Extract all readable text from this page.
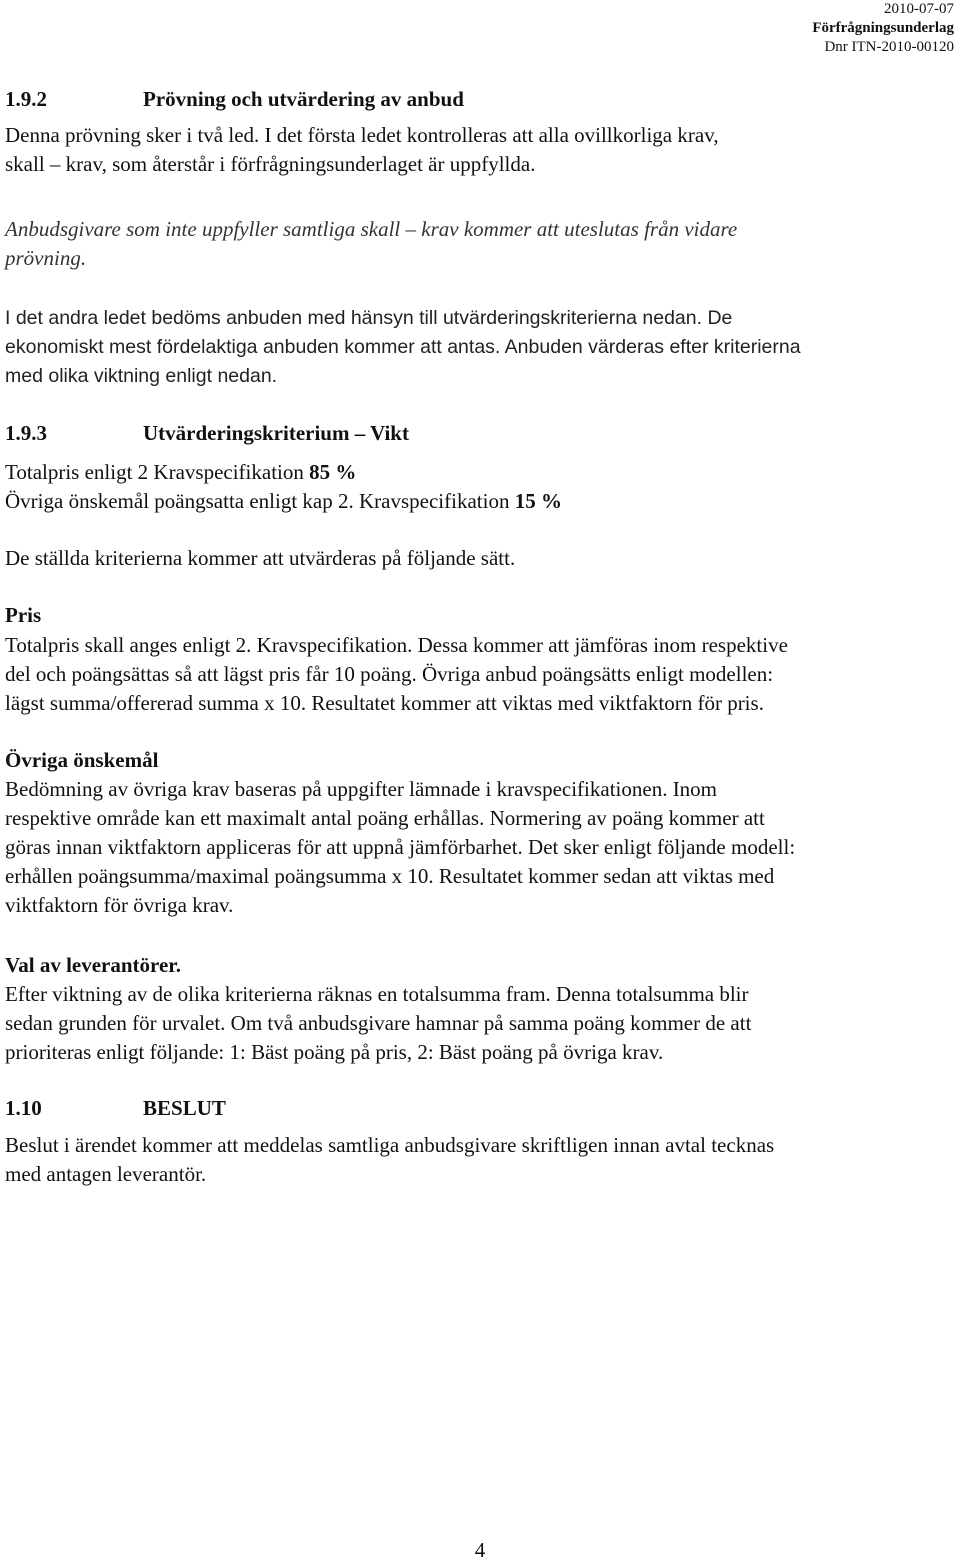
2010-07-07
Förfrågningsunderlag
Dnr ITN-2010-00120
1.9.2	Prövning och utvärdering av anbud
Denna prövning sker i två led. I det första ledet kontrolleras att alla ovillkorliga krav,
skall – krav, som återstår i förfrågningsunderlaget är uppfyllda.
Anbudsgivare som inte uppfyller samtliga skall – krav kommer att uteslutas från vidare
prövning.
I det andra ledet bedöms anbuden med hänsyn till utvärderingskriterierna nedan. De
ekonomiskt mest fördelaktiga anbuden kommer att antas. Anbuden värderas efter kriterierna
med olika viktning enligt nedan.
1.9.3	Utvärderingskriterium – Vikt
Totalpris enligt 2 Kravspecifikation 85 %
Övriga önskemål poängsatta enligt kap 2. Kravspecifikation 15 %
De ställda kriterierna kommer att utvärderas på följande sätt.
Pris
Totalpris skall anges enligt 2. Kravspecifikation. Dessa kommer att jämföras inom respektive
del och poängsättas så att lägst pris får 10 poäng. Övriga anbud poängsätts enligt modellen:
lägst summa/offererad summa x 10. Resultatet kommer att viktas med viktfaktorn för pris.
Övriga önskemål
Bedömning av övriga krav baseras på uppgifter lämnade i kravspecifikationen. Inom
respektive område kan ett maximalt antal poäng erhållas. Normering av poäng kommer att
göras innan viktfaktorn appliceras för att uppnå jämförbarhet. Det sker enligt följande modell:
erhållen poängsumma/maximal poängsumma x 10. Resultatet kommer sedan att viktas med
viktfaktorn för övriga krav.
Val av leverantörer.
Efter viktning av de olika kriterierna räknas en totalsumma fram. Denna totalsumma blir
sedan grunden för urvalet. Om två anbudsgivare hamnar på samma poäng kommer de att
prioriteras enligt följande: 1: Bäst poäng på pris, 2: Bäst poäng på övriga krav.
1.10	BESLUT
Beslut i ärendet kommer att meddelas samtliga anbudsgivare skriftligen innan avtal tecknas
med antagen leverantör.
4
